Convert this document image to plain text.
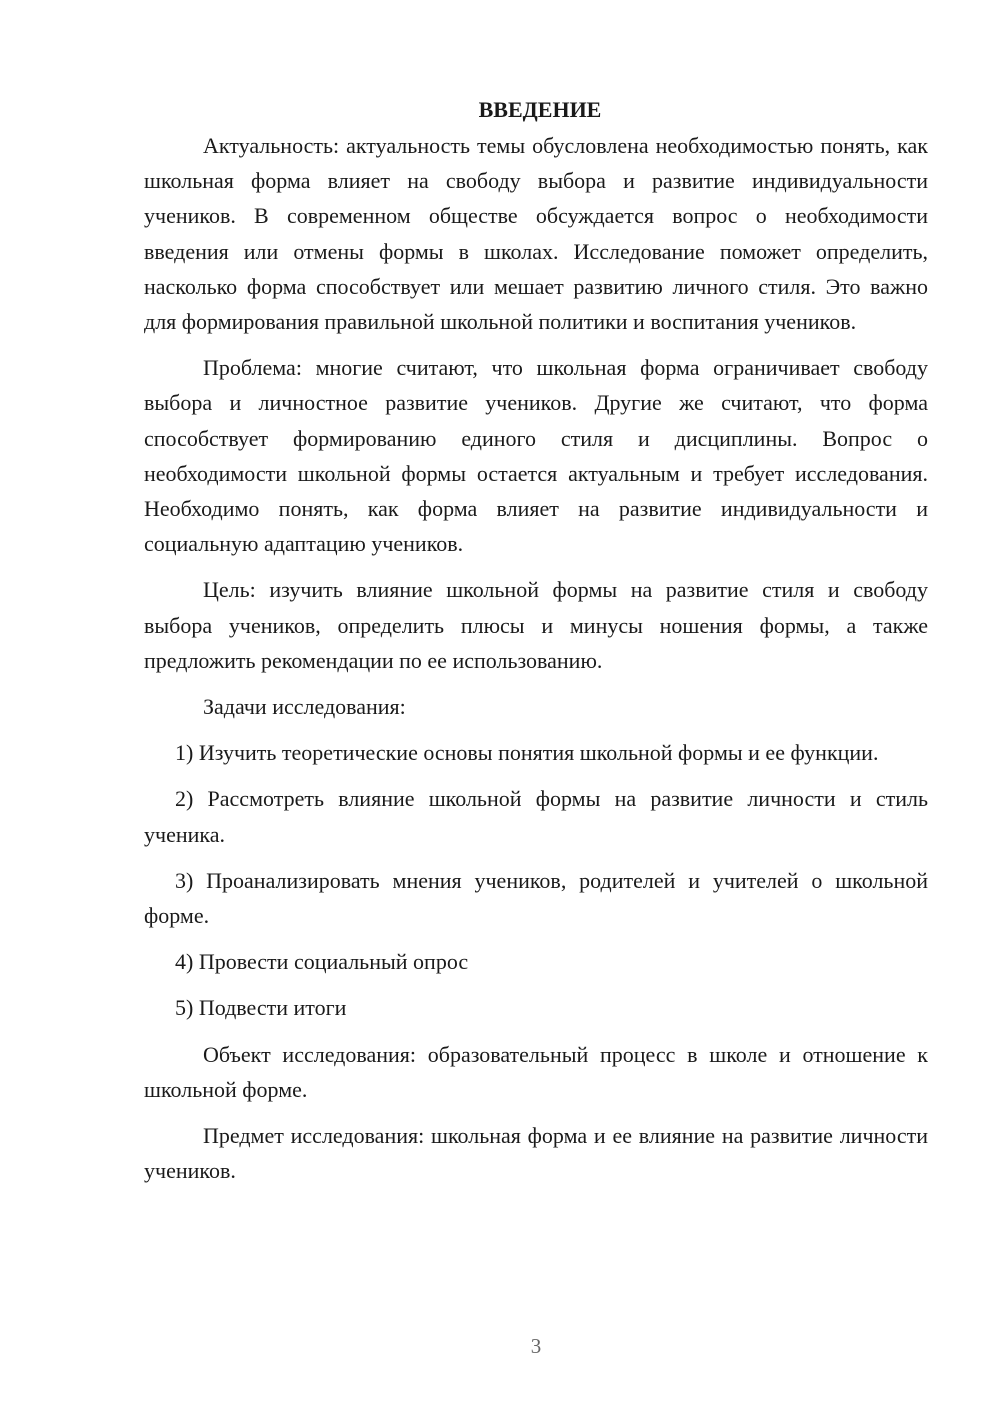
ВВЕДЕНИЕ

Актуальность: актуальность темы обусловлена необходимостью понять, как школьная форма влияет на свободу выбора и развитие индивидуальности учеников. В современном обществе обсуждается вопрос о необходимости введения или отмены формы в школах. Исследование поможет определить, насколько форма способствует или мешает развитию личного стиля. Это важно для формирования правильной школьной политики и воспитания учеников.

Проблема: многие считают, что школьная форма ограничивает свободу выбора и личностное развитие учеников. Другие же считают, что форма способствует формированию единого стиля и дисциплины. Вопрос о необходимости школьной формы остается актуальным и требует исследования. Необходимо понять, как форма влияет на развитие индивидуальности и социальную адаптацию учеников.

Цель: изучить влияние школьной формы на развитие стиля и свободу выбора учеников, определить плюсы и минусы ношения формы, а также предложить рекомендации по ее использованию.

Задачи исследования:

1) Изучить теоретические основы понятия школьной формы и ее функции.

2) Рассмотреть влияние школьной формы на развитие личности и стиль ученика.

3) Проанализировать мнения учеников, родителей и учителей о школьной форме.

4) Провести социальный опрос

5) Подвести итоги

Объект исследования: образовательный процесс в школе и отношение к школьной форме.

Предмет исследования: школьная форма и ее влияние на развитие личности учеников.

3
